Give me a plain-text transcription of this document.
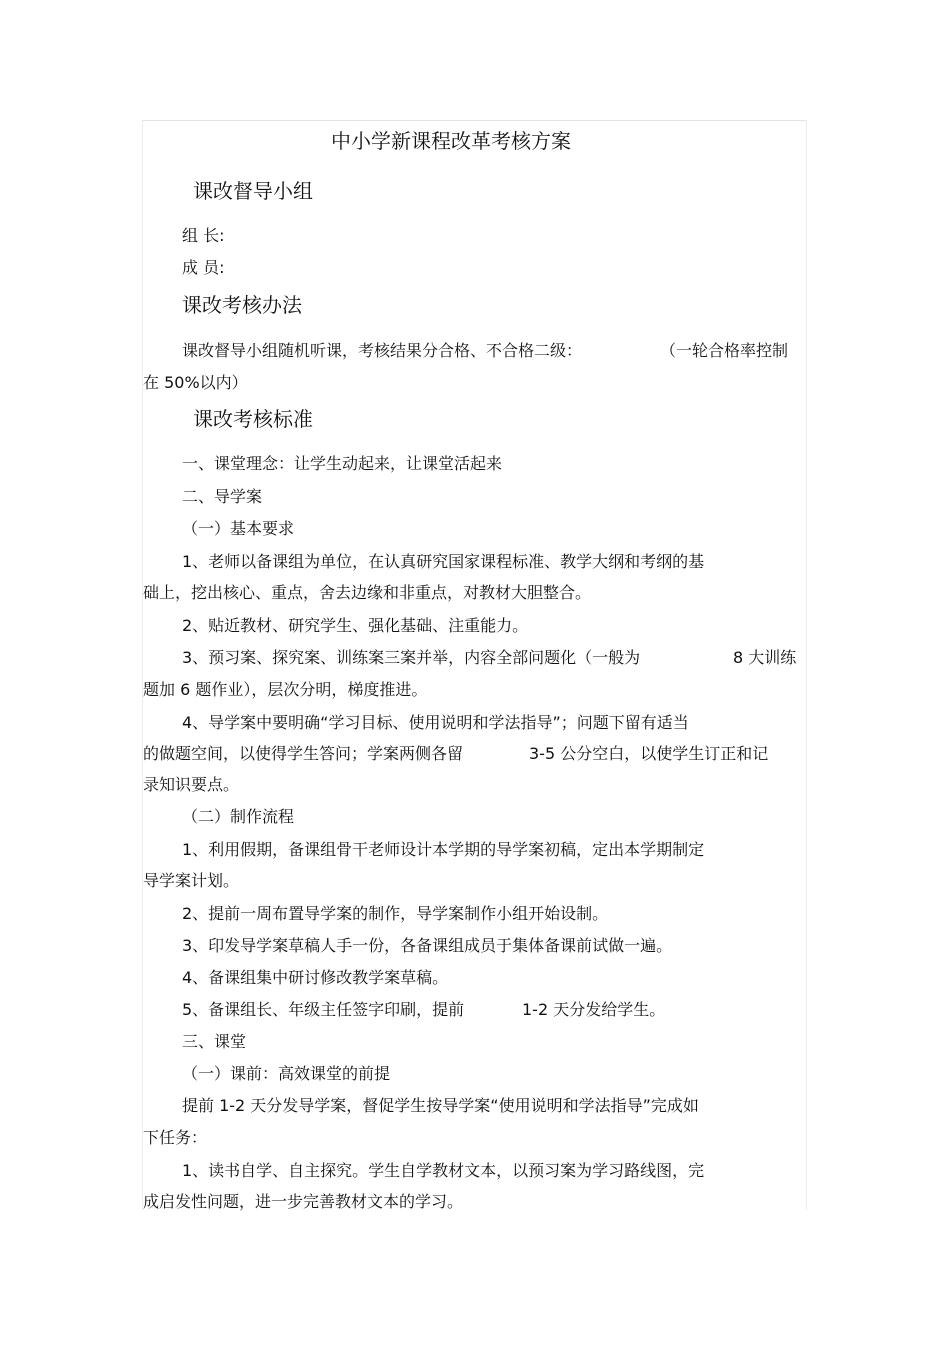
中小学新课程改革考核方案
课改督导小组
组 长:
成 员:
课改考核办法
课改督导小组随机听课，考核结果分合格、不合格二级：	（一轮合格率控制
在 50%以内）
课改考核标准
一、课堂理念：让学生动起来，让课堂活起来
二、导学案
（一）基本要求
1、老师以备课组为单位，在认真研究国家课程标准、教学大纲和考纲的基
础上，挖出核心、重点，舍去边缘和非重点，对教材大胆整合。
2、贴近教材、研究学生、强化基础、注重能力。
3、预习案、探究案、训练案三案并举，内容全部问题化（一般为	8 大训练
题加 6 题作业），层次分明，梯度推进。
4、导学案中要明确“学习目标、使用说明和学法指导”；问题下留有适当
的做题空间，以使得学生答问；学案两侧各留	3-5 公分空白，以使学生订正和记
录知识要点。
（二）制作流程
1、利用假期，备课组骨干老师设计本学期的导学案初稿，定出本学期制定
导学案计划。
2、提前一周布置导学案的制作，导学案制作小组开始设制。
3、印发导学案草稿人手一份，各备课组成员于集体备课前试做一遍。
4、备课组集中研讨修改教学案草稿。
5、备课组长、年级主任签字印刷，提前	1-2 天分发给学生。
三、课堂
（一）课前：高效课堂的前提
提前 1-2 天分发导学案，督促学生按导学案“使用说明和学法指导”完成如
下任务：
1、读书自学、自主探究。学生自学教材文本，以预习案为学习路线图，完
成启发性问题，进一步完善教材文本的学习。
